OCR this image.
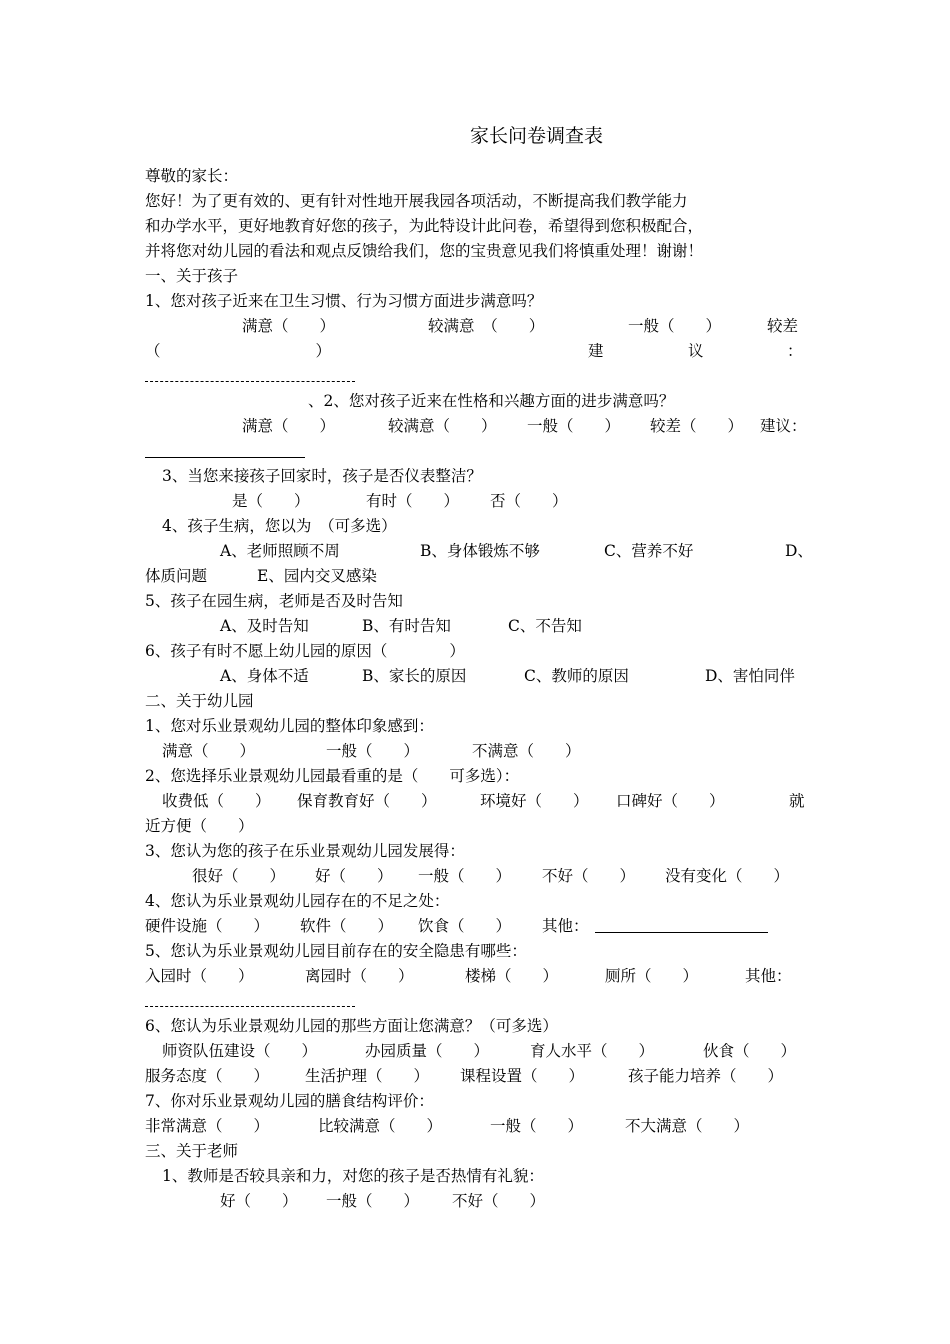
家长问卷调查表
尊敬的家长：
您好！为了更有效的、更有针对性地开展我园各项活动，不断提高我们教学能力
和办学水平，更好地教育好您的孩子，为此特设计此问卷，希望得到您积极配合，
并将您对幼儿园的看法和观点反馈给我们，您的宝贵意见我们将慎重处理！谢谢！
一、关于孩子
1、您对孩子近来在卫生习惯、行为习惯方面进步满意吗？
满意（　　）	较满意　（　　）	一般（　　）	较差
（　　　　　　　　　　）	建	议	：
、2、您对孩子近来在性格和兴趣方面的进步满意吗？
满意（　　）	较满意（　　） 一般（　　） 较差（　　） 建议：
3、当您来接孩子回家时，孩子是否仪表整洁？
是（　　）	有时（　　） 否（　　）
4、孩子生病，您以为　（可多选）
A、老师照顾不周	B、身体锻炼不够	C、营养不好	D、
体质问题	E、园内交叉感染
5、孩子在园生病，老师是否及时告知
A、及时告知	B、有时告知	C、不告知
6、孩子有时不愿上幼儿园的原因（　　　　）
A、身体不适	B、家长的原因	C、教师的原因	D、害怕同伴
二、关于幼儿园
1、您对乐业景观幼儿园的整体印象感到：
满意（　　）	一般（　　）	不满意（　　）
2、您选择乐业景观幼儿园最看重的是（　　可多选）：
收费低（　　） 保育教育好（　　）	环境好（　　） 口碑好（　　）	就
近方便（　　）
3、您认为您的孩子在乐业景观幼儿园发展得：
很好（　　） 好（　　） 一般（　　） 不好（　　） 没有变化（　　）
4、您认为乐业景观幼儿园存在的不足之处：
硬件设施（　　） 软件（　　） 饮食（　　） 其他：
5、您认为乐业景观幼儿园目前存在的安全隐患有哪些：
入园时（　　）	离园时（　　）	楼梯（　　）	厕所（　　）	其他：
6、您认为乐业景观幼儿园的那些方面让您满意？（可多选）
师资队伍建设（　　）	办园质量（　　）	育人水平（　　）	伙食（　　）
服务态度（　　） 生活护理（　　） 课程设置（　　）	孩子能力培养（　　）
7、你对乐业景观幼儿园的膳食结构评价：
非常满意（　　）	比较满意（　　）	一般（　　）	不大满意（　　）
三、关于老师
1、教师是否较具亲和力，对您的孩子是否热情有礼貌：
好（　　） 一般（　　） 不好（　　）
